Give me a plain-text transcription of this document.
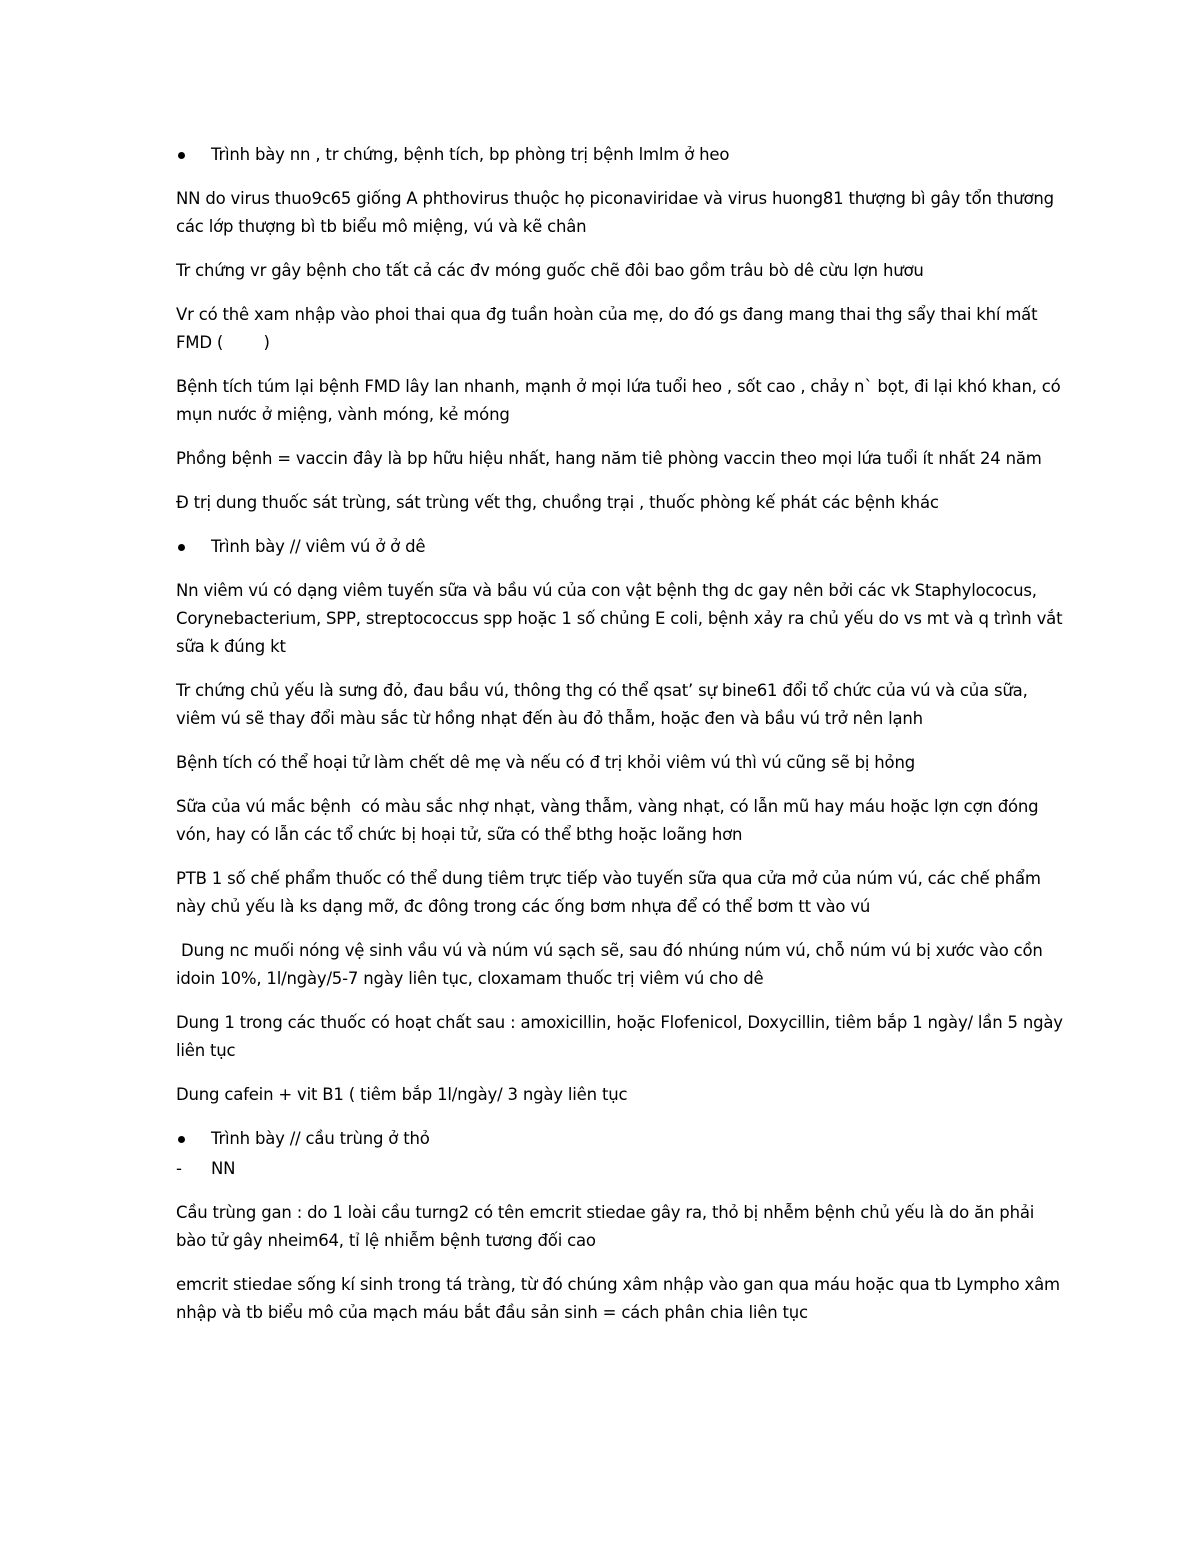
Trình bày nn , tr chứng, bệnh tích, bp phòng trị bệnh lmlm ở heo

NN do virus thuo9c65 giống A phthovirus thuộc họ piconaviridae và virus huong81 thượng bì gây tổn thương các lớp thượng bì tb biểu mô miệng, vú và kẽ chân

Tr chứng vr gây bệnh cho tất cả các đv móng guốc chẽ đôi bao gồm trâu bò dê cừu lợn hươu

Vr có thê xam nhập vào phoi thai qua đg tuần hoàn của mẹ, do đó gs đang mang thai thg sẩy thai khí mất FMD (        )

Bệnh tích túm lại bệnh FMD lây lan nhanh, mạnh ở mọi lứa tuổi heo , sốt cao , chảy n` bọt, đi lại khó khan, có mụn nước ở miệng, vành móng, kẻ móng

Phồng bệnh = vaccin đây là bp hữu hiệu nhất, hang năm tiê phòng vaccin theo mọi lứa tuổi ít nhất 24 năm

Đ trị dung thuốc sát trùng, sát trùng vết thg, chuồng trại , thuốc phòng kế phát các bệnh khác

Trình bày // viêm vú ở ở dê

Nn viêm vú có dạng viêm tuyến sữa và bầu vú của con vật bệnh thg dc gay nên bởi các vk Staphylococus, Corynebacterium, SPP, streptococcus spp hoặc 1 số chủng E coli, bệnh xảy ra chủ yếu do vs mt và q trình vắt sữa k đúng kt

Tr chứng chủ yếu là sưng đỏ, đau bầu vú, thông thg có thể qsat’ sự bine61 đổi tổ chức của vú và của sữa, viêm vú sẽ thay đổi màu sắc từ hồng nhạt đến àu đỏ thẫm, hoặc đen và bầu vú trở nên lạnh

Bệnh tích có thể hoại tử làm chết dê mẹ và nếu có đ trị khỏi viêm vú thì vú cũng sẽ bị hỏng

Sữa của vú mắc bệnh  có màu sắc nhợ nhạt, vàng thẫm, vàng nhạt, có lẫn mũ hay máu hoặc lợn cợn đóng vón, hay có lẫn các tổ chức bị hoại tử, sữa có thể bthg hoặc loãng hơn

PTB 1 số chế phẩm thuốc có thể dung tiêm trực tiếp vào tuyến sữa qua cửa mở của núm vú, các chế phẩm này chủ yếu là ks dạng mỡ, đc đông trong các ống bơm nhựa để có thể bơm tt vào vú

Dung nc muối nóng vệ sinh vầu vú và núm vú sạch sẽ, sau đó nhúng núm vú, chỗ núm vú bị xước vào cồn idoin 10%, 1l/ngày/5-7 ngày liên tục, cloxamam thuốc trị viêm vú cho dê

Dung 1 trong các thuốc có hoạt chất sau : amoxicillin, hoặc Flofenicol, Doxycillin, tiêm bắp 1 ngày/ lần 5 ngày liên tục

Dung cafein + vit B1 ( tiêm bắp 1l/ngày/ 3 ngày liên tục

Trình bày // cầu trùng ở thỏ
- NN

Cầu trùng gan : do 1 loài cầu turng2 có tên emcrit stiedae gây ra, thỏ bị nhễm bệnh chủ yếu là do ăn phải bào tử gây nheim64, tỉ lệ nhiễm bệnh tương đối cao

emcrit stiedae sống kí sinh trong tá tràng, từ đó chúng xâm nhập vào gan qua máu hoặc qua tb Lympho xâm nhập và tb biểu mô của mạch máu bắt đầu sản sinh = cách phân chia liên tục
